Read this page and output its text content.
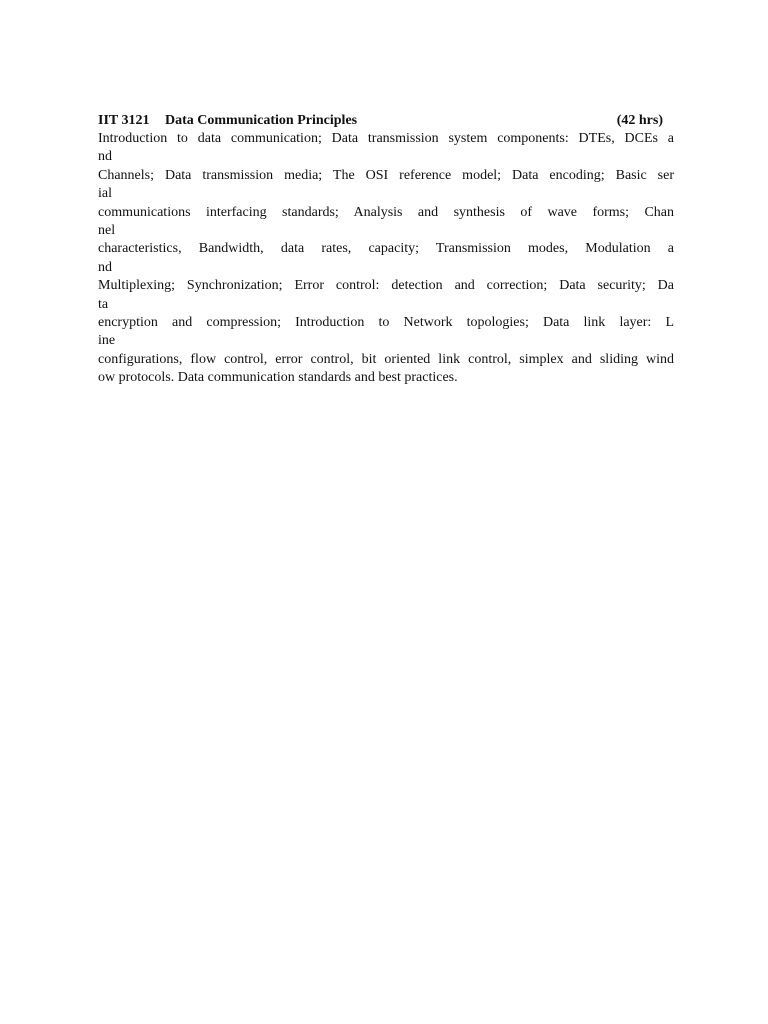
IIT 3121 Data Communication Principles	(42 hrs)
Introduction to data communication; Data transmission system components: DTEs, DCEs a
nd
Channels; Data transmission media; The OSI reference model; Data encoding; Basic ser
ial
communications interfacing standards; Analysis and synthesis of wave forms; Chan
nel
characteristics, Bandwidth, data rates, capacity; Transmission modes, Modulation a
nd
Multiplexing; Synchronization; Error control: detection and correction; Data security; Da
ta
encryption and compression; Introduction to Network topologies; Data link layer: L
ine
configurations, flow control, error control, bit oriented link control, simplex and sliding wind
ow protocols. Data communication standards and best practices.
